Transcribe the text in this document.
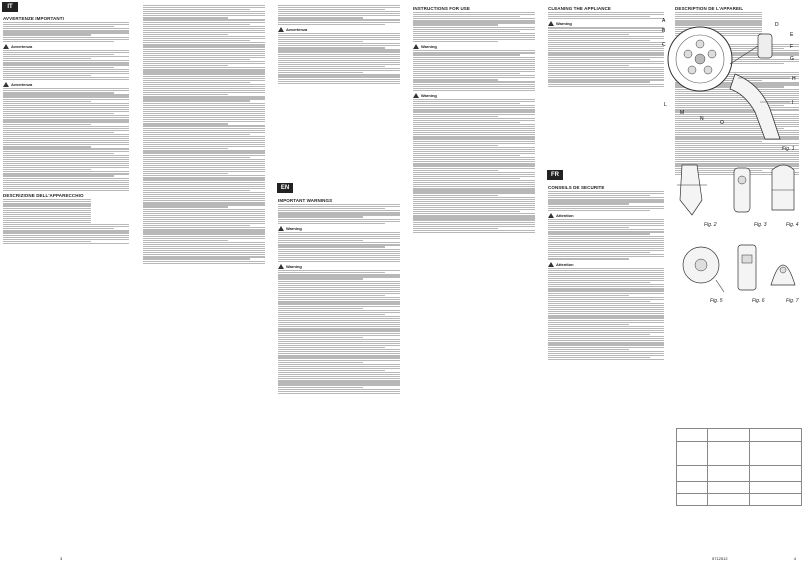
IT
AVVERTENZE IMPORTANTI
Avvertenza
Avvertenza
DESCRIZIONE DELL'APPARECCHIO
3
Avvertenza
EN
IMPORTANT WARNINGS
Warning
Warning
INSTRUCTIONS FOR USE
Warning
Warning
CLEANING THE APPLIANCE
Warning
FR
CONSEILS DE SECURITE
Attention
Attention
DESCRIPTION DE L'APPAREIL
4
5712512
A
B
C
D
E
F
G
H
I
L
M
N
O
Fig. 1
Fig. 2	Fig. 3	Fig. 4
Fig. 5	Fig. 6	Fig. 7
